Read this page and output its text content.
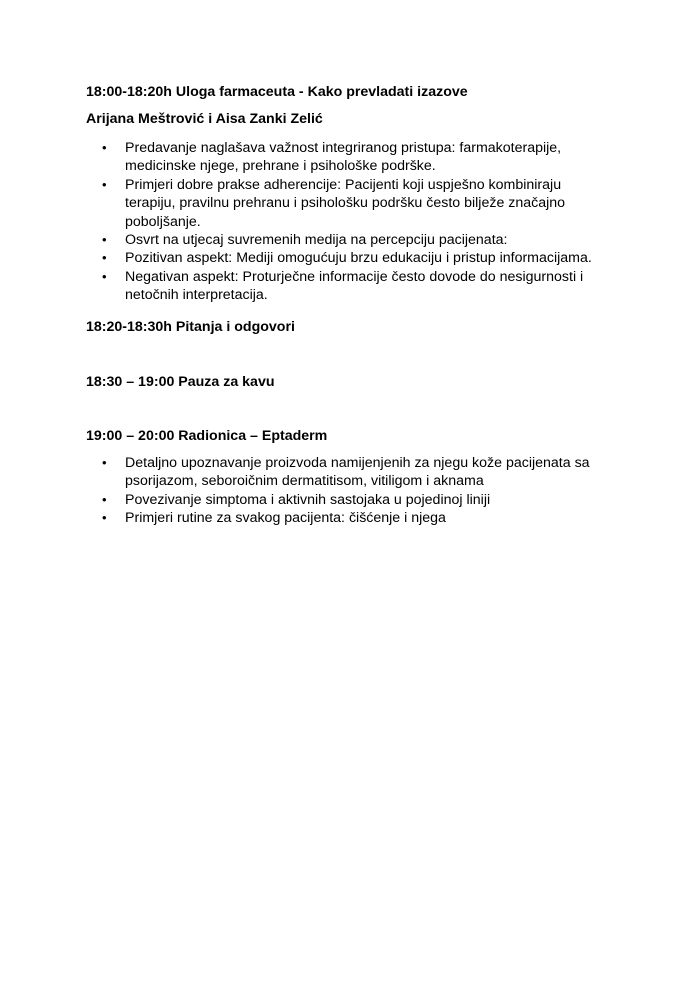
18:00-18:20h Uloga farmaceuta - Kako prevladati izazove

Arijana Meštrović i Aisa Zanki Zelić

• Predavanje naglašava važnost integriranog pristupa: farmakoterapije, medicinske njege, prehrane i psihološke podrške.
• Primjeri dobre prakse adherencije: Pacijenti koji uspješno kombiniraju terapiju, pravilnu prehranu i psihološku podršku često bilježe značajno poboljšanje.
• Osvrt na utjecaj suvremenih medija na percepciju pacijenata:
• Pozitivan aspekt: Mediji omogućuju brzu edukaciju i pristup informacijama.
• Negativan aspekt: Proturječne informacije često dovode do nesigurnosti i netočnih interpretacija.

18:20-18:30h Pitanja i odgovori

18:30 – 19:00 Pauza za kavu

19:00 – 20:00 Radionica – Eptaderm

• Detaljno upoznavanje proizvoda namijenjenih za njegu kože pacijenata sa psorijazom, seboroičnim dermatitisom, vitiligom i aknama
• Povezivanje simptoma i aktivnih sastojaka u pojedinoj liniji
• Primjeri rutine za svakog pacijenta: čišćenje i njega
